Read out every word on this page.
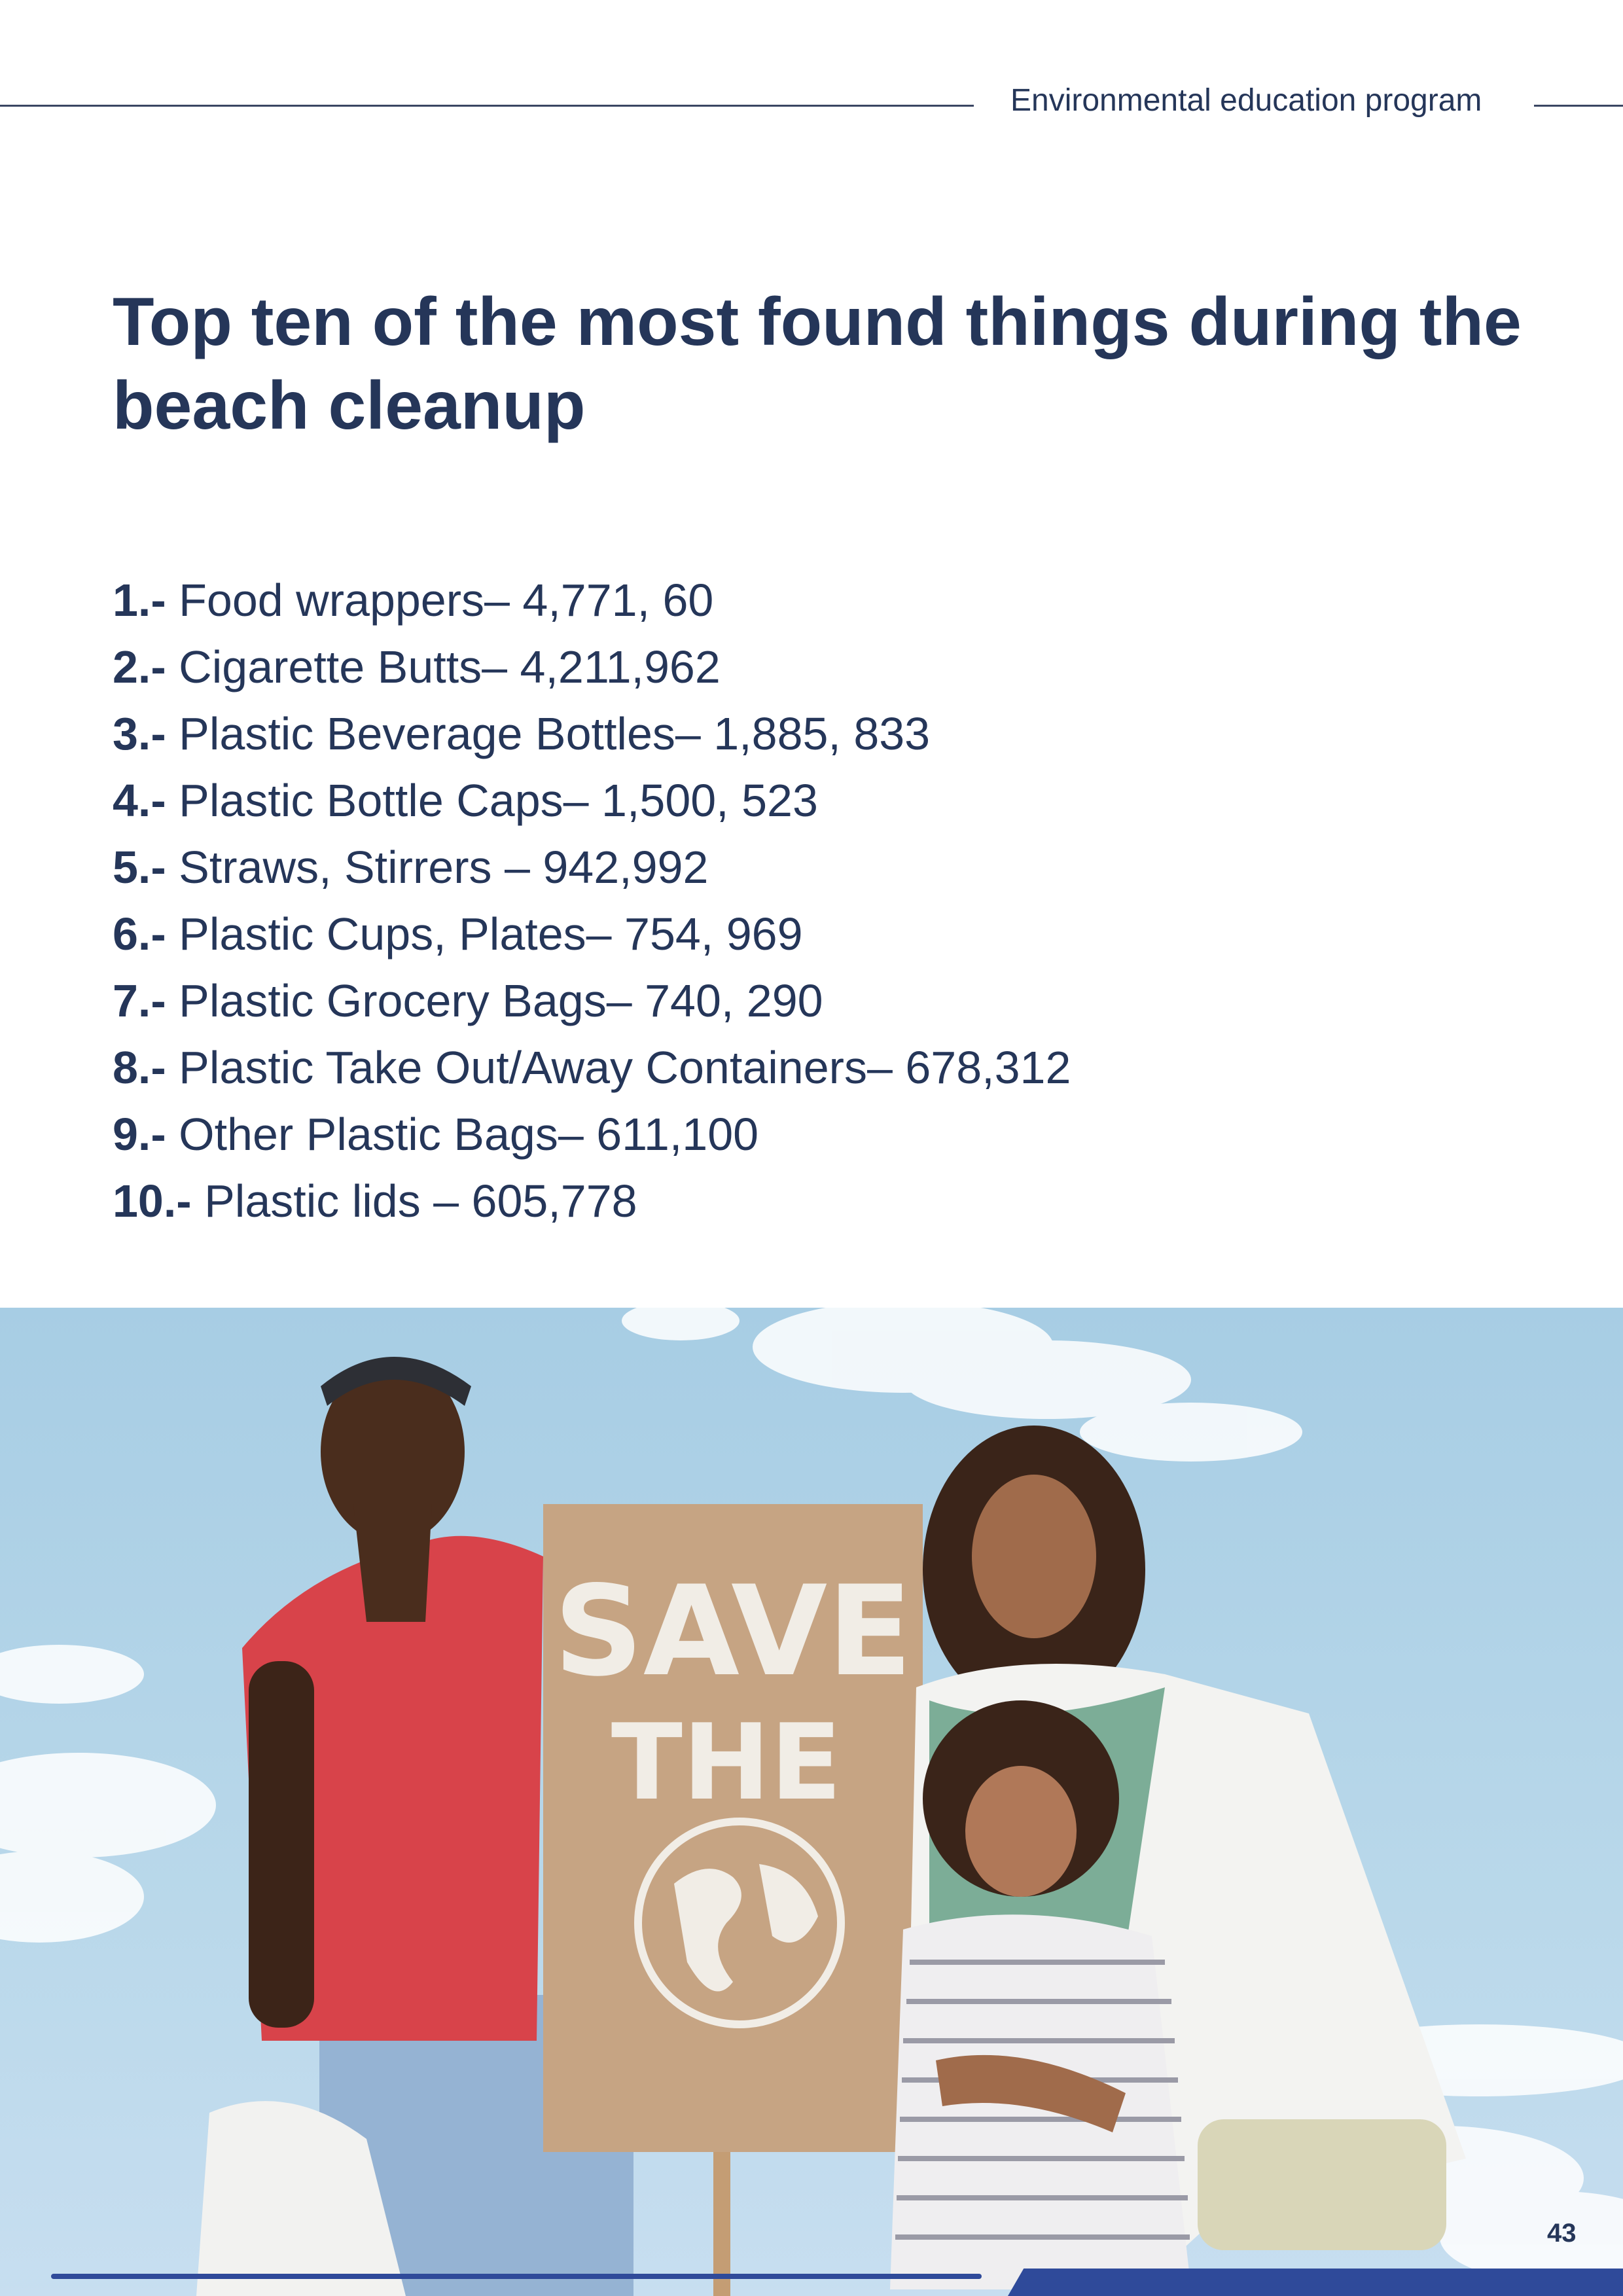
Environmental education program
Top ten of the most found things during the beach cleanup
1.- Food wrappers– 4,771, 60
2.- Cigarette Butts– 4,211,962
3.- Plastic Beverage Bottles– 1,885, 833
4.- Plastic Bottle Caps– 1,500, 523
5.- Straws, Stirrers – 942,992
6.- Plastic Cups, Plates– 754, 969
7.- Plastic Grocery Bags– 740, 290
8.- Plastic Take Out/Away Containers– 678,312
9.- Other Plastic Bags– 611,100
10.- Plastic lids – 605,778
SAVE
THE
43
